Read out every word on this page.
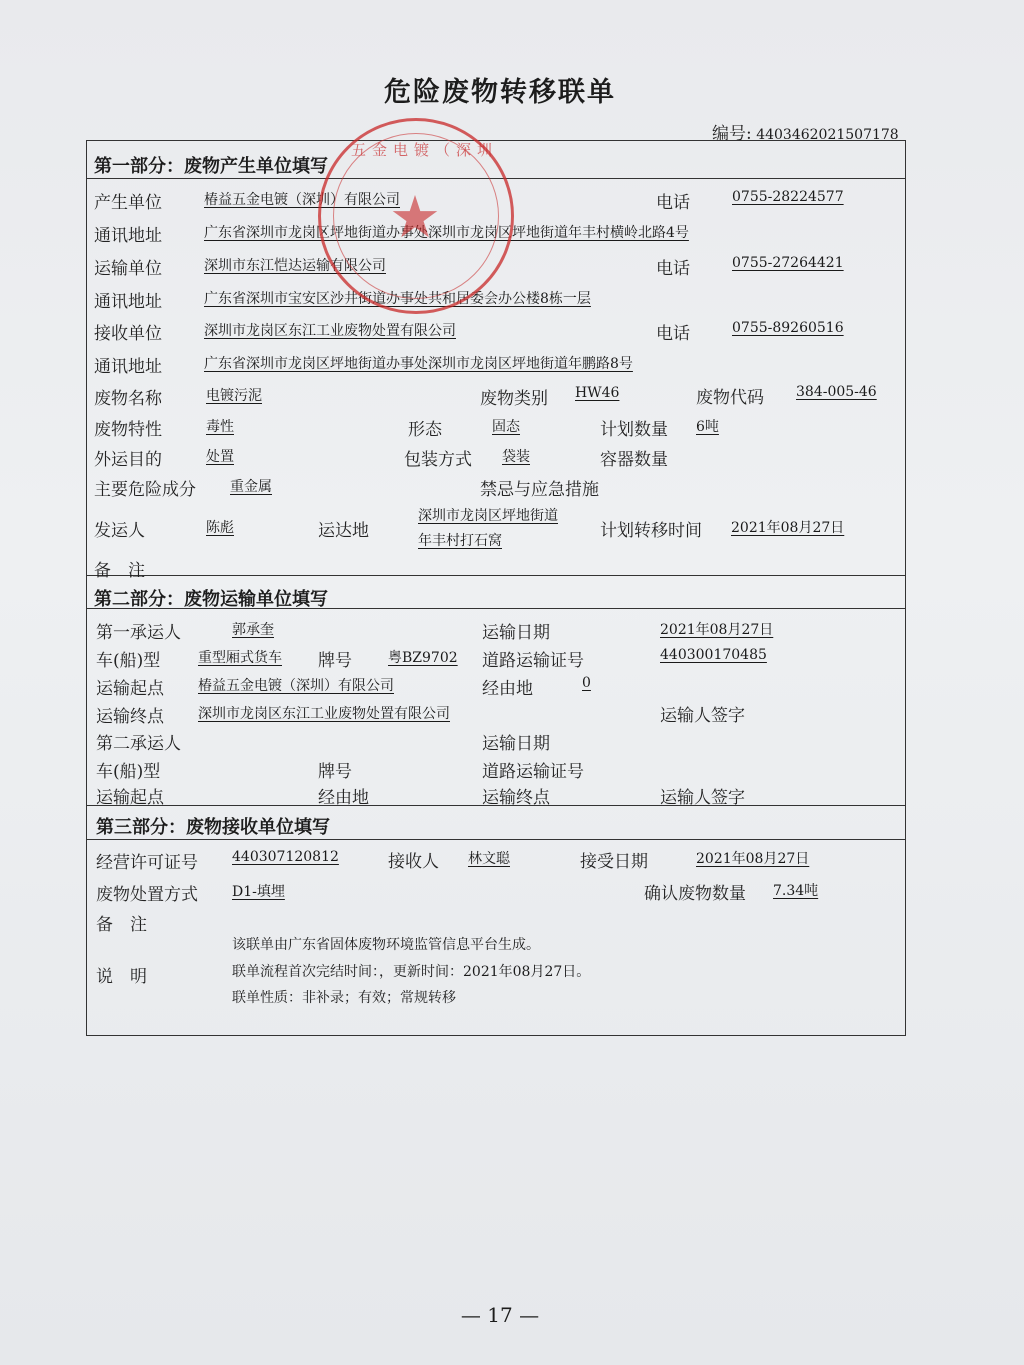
危险废物转移联单
编号: 4403462021507178
第一部分：废物产生单位填写
产生单位	椿益五金电镀（深圳）有限公司	电话	0755-28224577
通讯地址	广东省深圳市龙岗区坪地街道办事处深圳市龙岗区坪地街道年丰村横岭北路4号
运输单位	深圳市东江恺达运输有限公司	电话	0755-27264421
通讯地址	广东省深圳市宝安区沙井街道办事处共和居委会办公楼8栋一层
接收单位	深圳市龙岗区东江工业废物处置有限公司	电话	0755-89260516
通讯地址	广东省深圳市龙岗区坪地街道办事处深圳市龙岗区坪地街道年鹏路8号
废物名称	电镀污泥	废物类别 HW46	废物代码 384-005-46
废物特性	毒性	形态	固态	计划数量 6吨
外运目的	处置	包装方式 袋装	容器数量
主要危险成分 重金属	禁忌与应急措施
发运人	陈彪	运达地
深圳市龙岗区坪地街道
年丰村打石窝	计划转移时间 2021年08月27日
备　注
第二部分：废物运输单位填写
第一承运人	郭承奎	运输日期	2021年08月27日
车(船)型	重型厢式货车 牌号	粤BZ9702 道路运输证号	440300170485
运输起点 椿益五金电镀（深圳）有限公司	经由地	0
运输终点 深圳市龙岗区东江工业废物处置有限公司	运输人签字
第二承运人	运输日期
车(船)型	牌号	道路运输证号
运输起点	经由地	运输终点	运输人签字
第三部分：废物接收单位填写
经营许可证号 440307120812	接收人 林文聪	接受日期	2021年08月27日
废物处置方式 D1-填埋	确认废物数量 7.34吨
备　注
说　明
该联单由广东省固体废物环境监管信息平台生成。
联单流程首次完结时间：，更新时间：2021年08月27日。
联单性质：非补录；有效；常规转移
五金电镀（深圳
★
— 17 —
